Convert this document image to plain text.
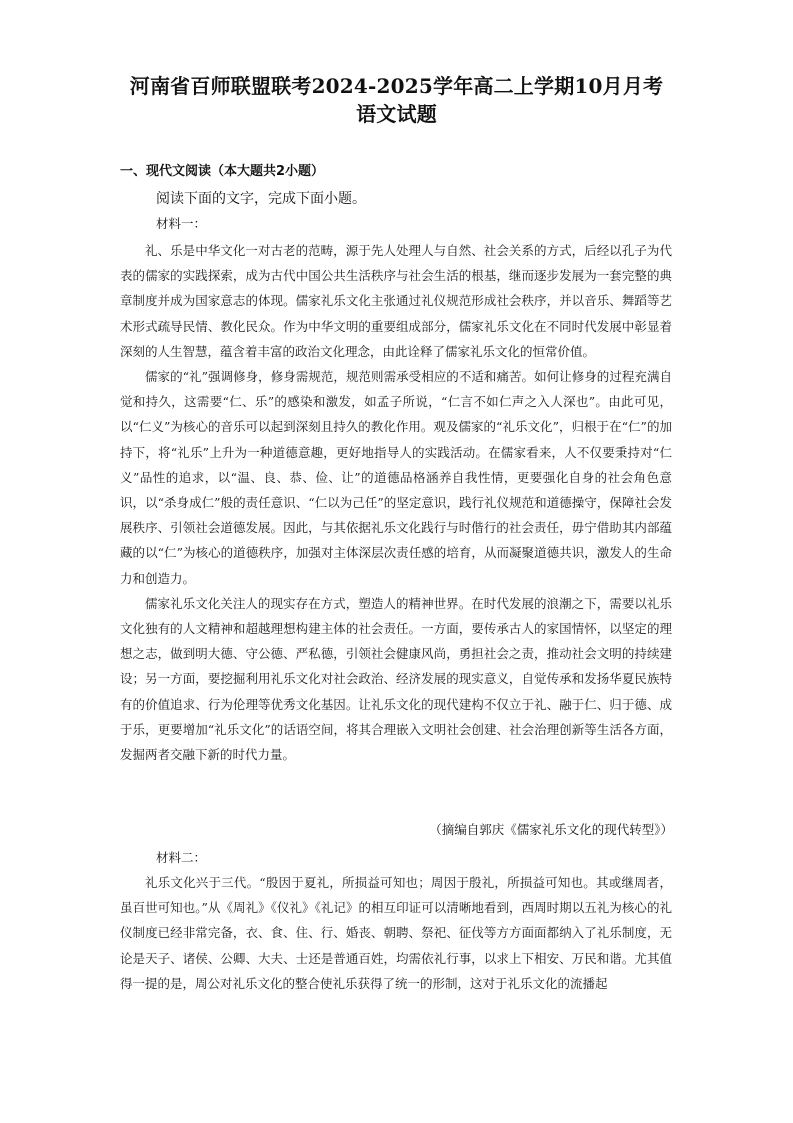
河南省百师联盟联考2024-2025学年高二上学期10月月考
语文试题
一、现代文阅读（本大题共2小题）
阅读下面的文字，完成下面小题。
材料一：

礼、乐是中华文化一对古老的范畴，源于先人处理人与自然、社会关系的方式，后经以孔子为代表的儒家的实践探索，成为古代中国公共生活秩序与社会生活的根基，继而逐步发展为一套完整的典章制度并成为国家意志的体现。儒家礼乐文化主张通过礼仪规范形成社会秩序，并以音乐、舞蹈等艺术形式疏导民情、教化民众。作为中华文明的重要组成部分，儒家礼乐文化在不同时代发展中彰显着深刻的人生智慧，蕴含着丰富的政治文化理念，由此诠释了儒家礼乐文化的恒常价值。

儒家的“礼”强调修身，修身需规范，规范则需承受相应的不适和痛苦。如何让修身的过程充满自觉和持久，这需要“仁、乐”的感染和激发，如孟子所说，“仁言不如仁声之入人深也”。由此可见，以“仁义”为核心的音乐可以起到深刻且持久的教化作用。观及儒家的“礼乐文化”，归根于在“仁”的加持下，将“礼乐”上升为一种道德意趣，更好地指导人的实践活动。在儒家看来，人不仅要秉持对“仁义”品性的追求，以“温、良、恭、俭、让”的道德品格涵养自我性情，更要强化自身的社会角色意识，以“杀身成仁”般的责任意识、“仁以为己任”的坚定意识，践行礼仪规范和道德操守，保障社会发展秩序、引领社会道德发展。因此，与其依据礼乐文化践行与时偕行的社会责任，毋宁借助其内部蕴藏的以“仁”为核心的道德秩序，加强对主体深层次责任感的培育，从而凝聚道德共识，激发人的生命力和创造力。

儒家礼乐文化关注人的现实存在方式，塑造人的精神世界。在时代发展的浪潮之下，需要以礼乐文化独有的人文精神和超越理想构建主体的社会责任。一方面，要传承古人的家国情怀，以坚定的理想之志，做到明大德、守公德、严私德，引领社会健康风尚，勇担社会之责，推动社会文明的持续建设；另一方面，要挖掘利用礼乐文化对社会政治、经济发展的现实意义，自觉传承和发扬华夏民族特有的价值追求、行为伦理等优秀文化基因。让礼乐文化的现代建构不仅立于礼、融于仁、归于德、成于乐，更要增加“礼乐文化”的话语空间，将其合理嵌入文明社会创建、社会治理创新等生活各方面，发掘两者交融下新的时代力量。

（摘编自郭庆《儒家礼乐文化的现代转型》）
材料二：

礼乐文化兴于三代。“殷因于夏礼，所损益可知也；周因于殷礼，所损益可知也。其或继周者，虽百世可知也。”从《周礼》《仪礼》《礼记》的相互印证可以清晰地看到，西周时期以五礼为核心的礼仪制度已经非常完备，衣、食、住、行、婚丧、朝聘、祭祀、征伐等方方面面都纳入了礼乐制度，无论是天子、诸侯、公卿、大夫、士还是普通百姓，均需依礼行事，以求上下相安、万民和谐。尤其值得一提的是，周公对礼乐文化的整合使礼乐获得了统一的形制，这对于礼乐文化的流播起
